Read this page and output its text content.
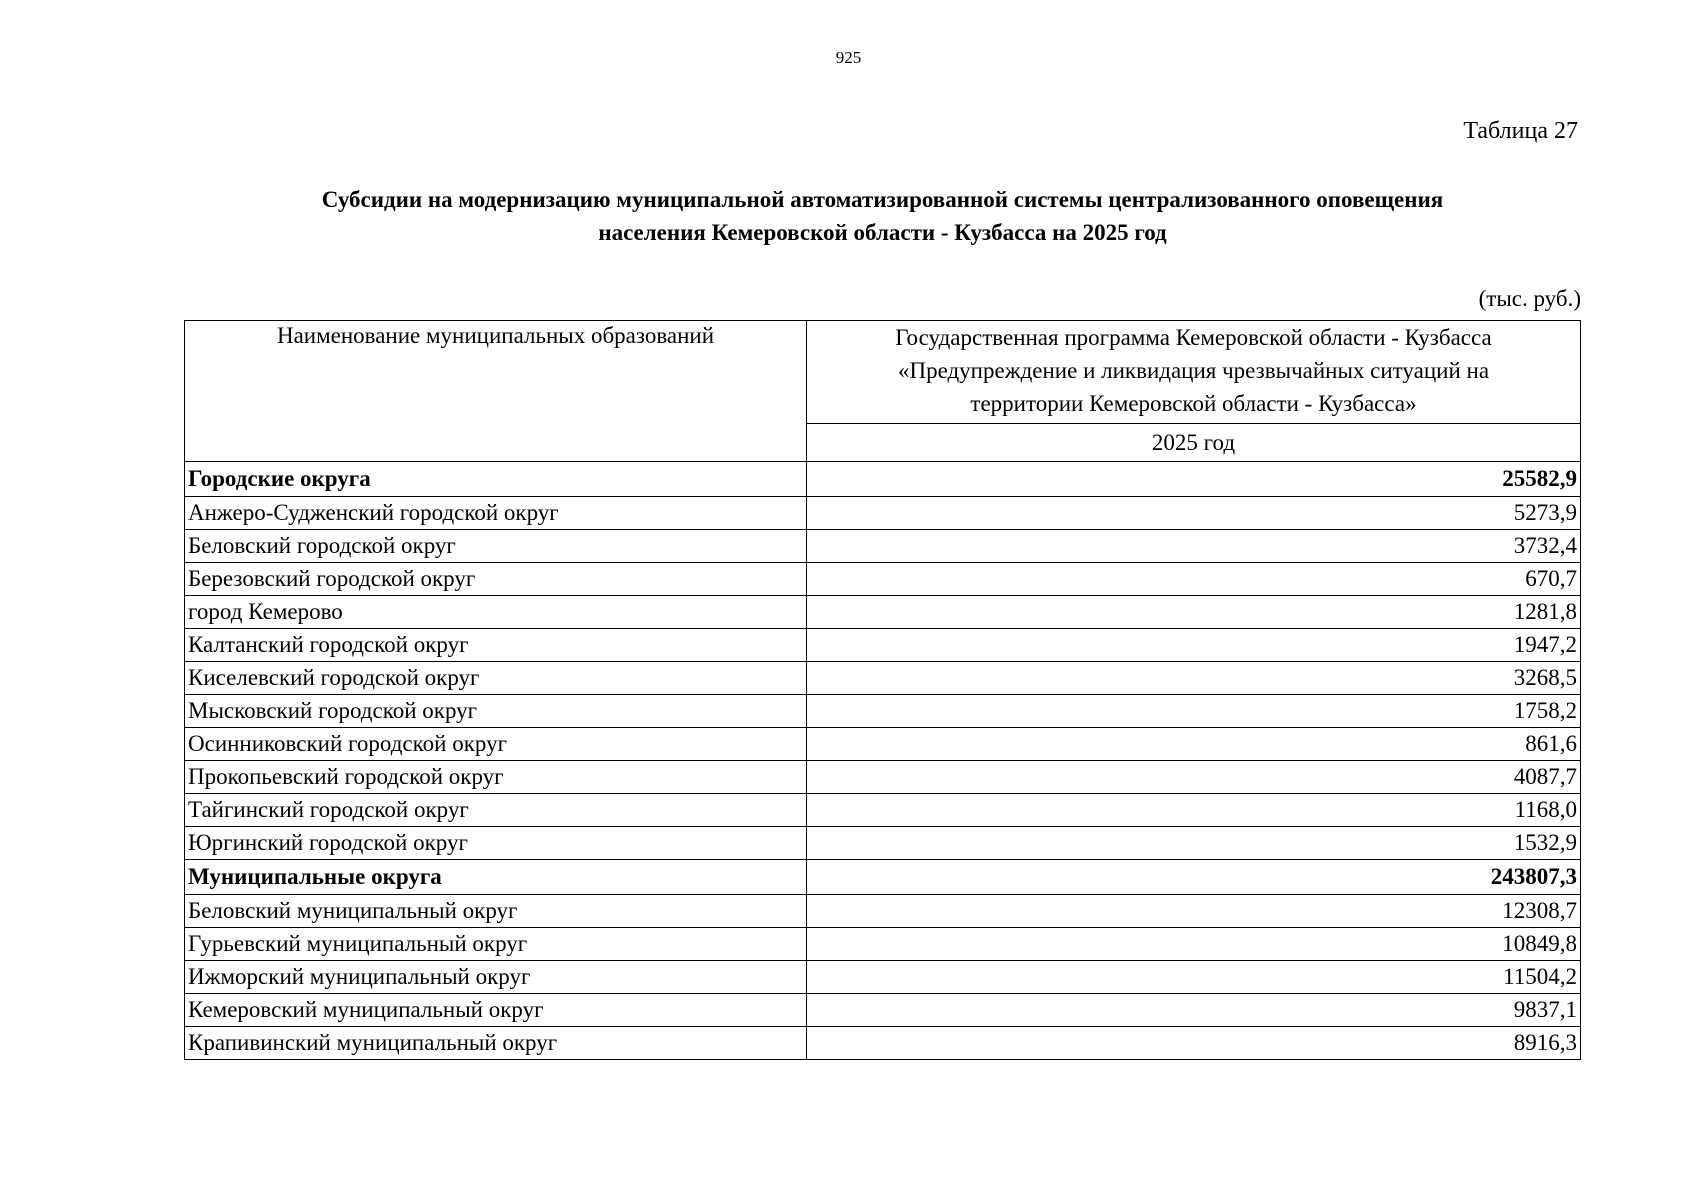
925
Таблица 27
Субсидии на модернизацию муниципальной автоматизированной системы централизованного оповещения
населения Кемеровской области - Кузбасса на 2025 год
(тыс. руб.)
Наименование муниципальных образований	Государственная программа Кемеровской области - Кузбасса
«Предупреждение и ликвидация чрезвычайных ситуаций на
территории Кемеровской области - Кузбасса»

	2025 год
Городские округа	25582,9
Анжеро-Судженский городской округ	5273,9
Беловский городской округ	3732,4
Березовский городской округ	670,7
город Кемерово	1281,8
Калтанский городской округ	1947,2
Киселевский городской округ	3268,5
Мысковский городской округ	1758,2
Осинниковский городской округ	861,6
Прокопьевский городской округ	4087,7
Тайгинский городской округ	1168,0
Юргинский городской округ	1532,9
Муниципальные округа	243807,3
Беловский муниципальный округ	12308,7
Гурьевский муниципальный округ	10849,8
Ижморский муниципальный округ	11504,2
Кемеровский муниципальный округ	9837,1
Крапивинский муниципальный округ	8916,3
